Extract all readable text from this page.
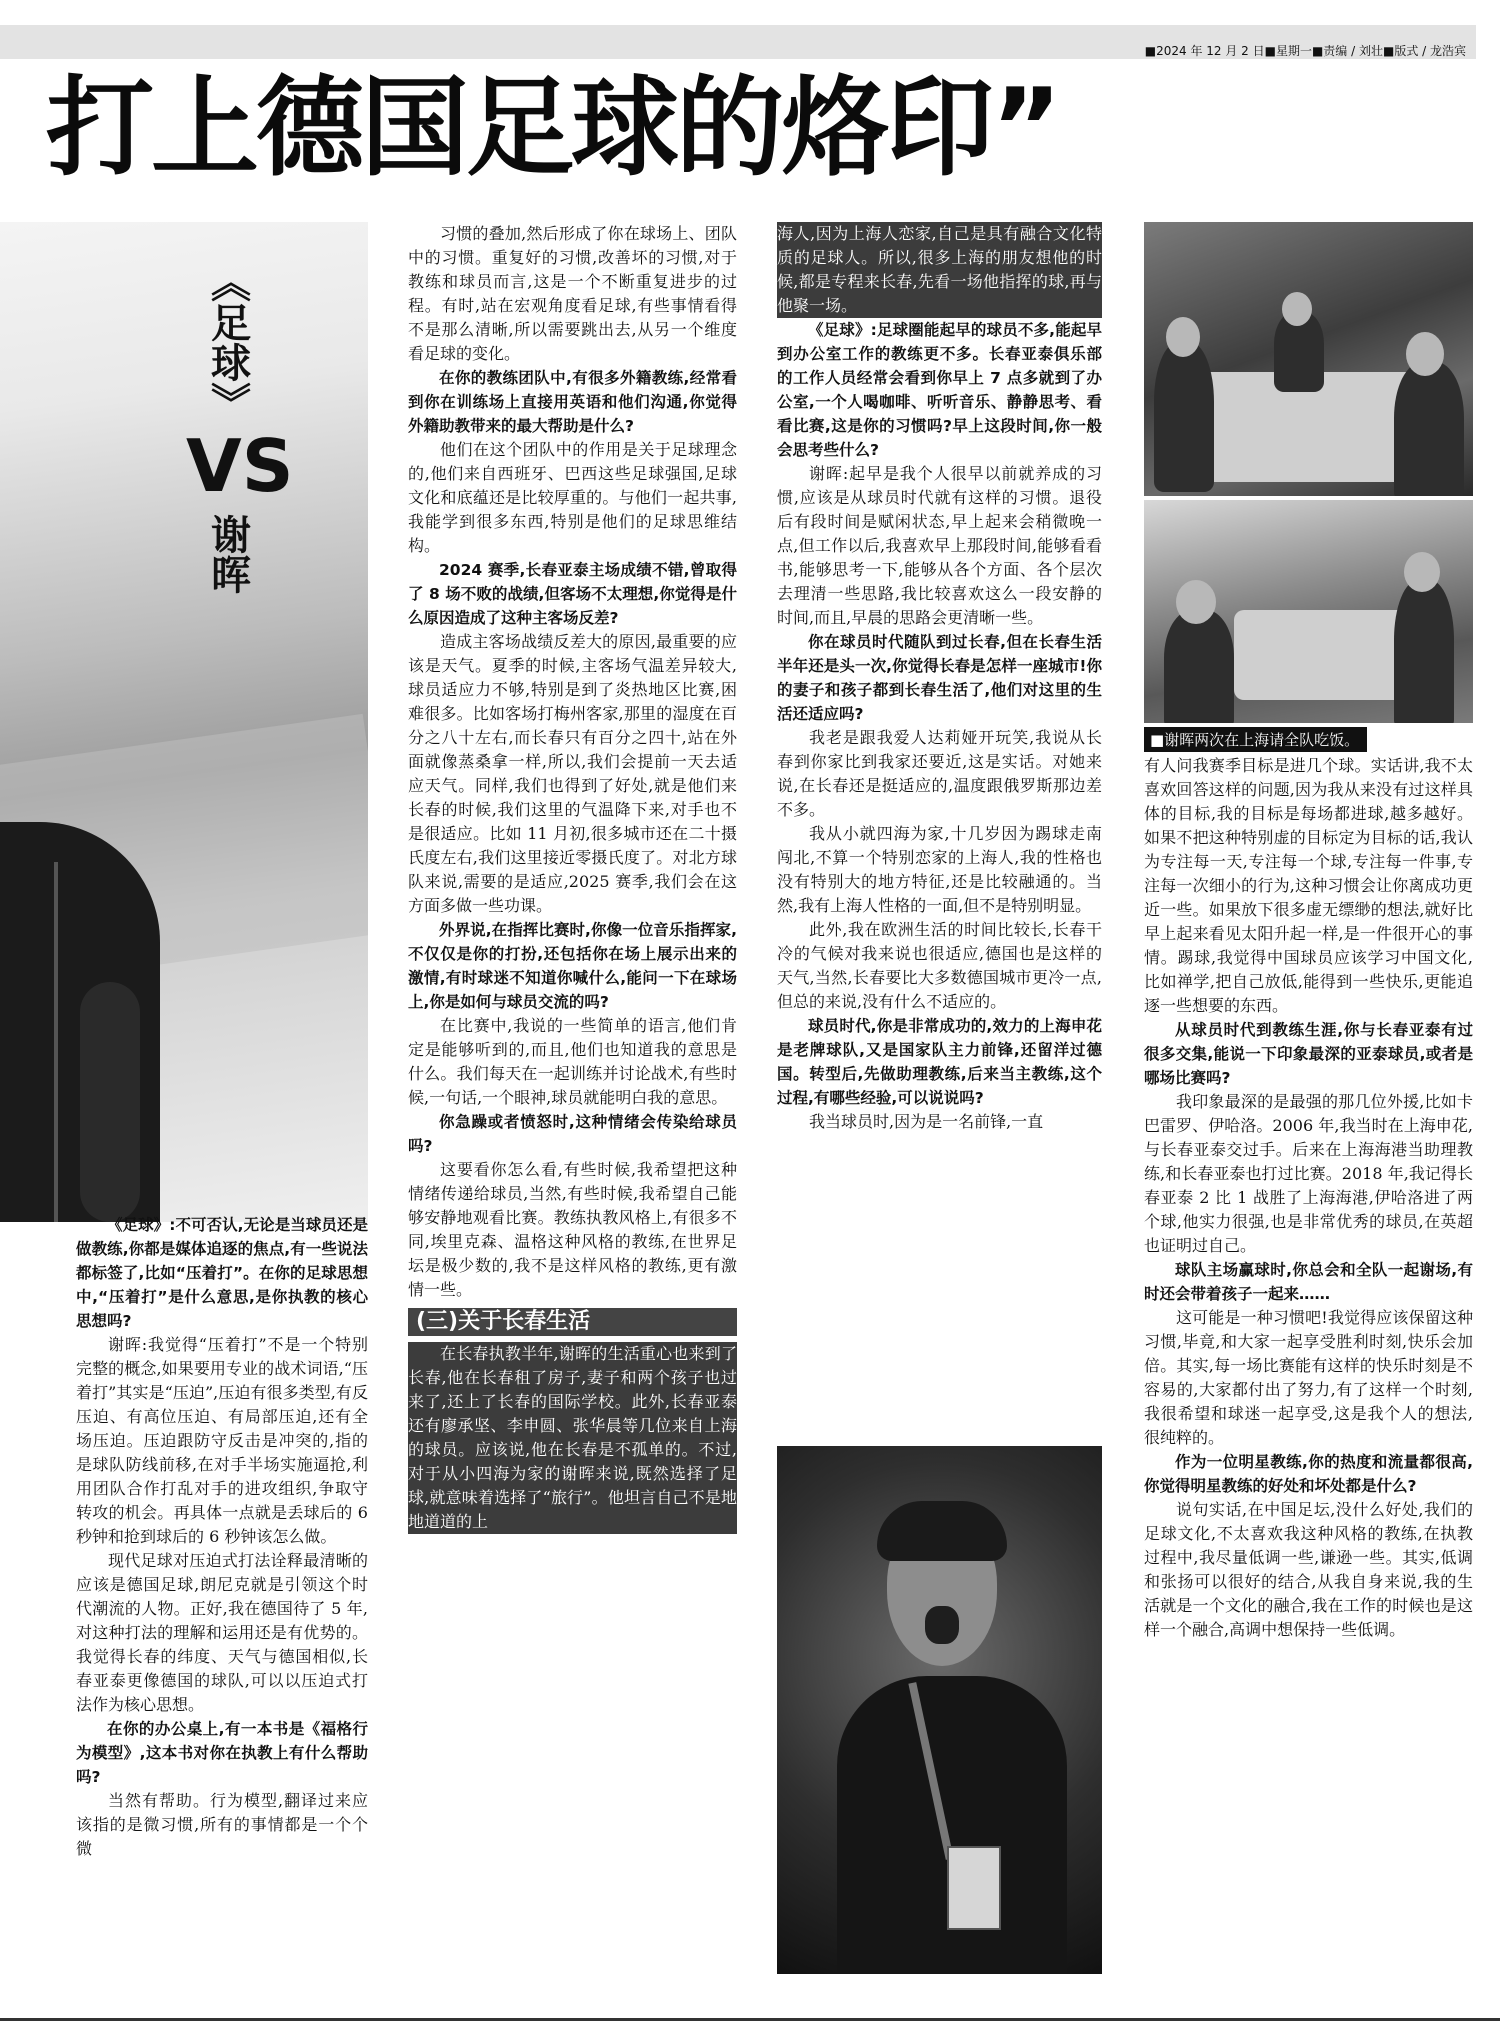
■2024 年 12 月 2 日■星期一■责编 / 刘壮■版式 / 龙浩宾
打上德国足球的烙印”
《足球》
VS
谢晖

《足球》:不可否认,无论是当球员还是做教练,你都是媒体追逐的焦点,有一些说法都标签了,比如“压着打”。在你的足球思想中,“压着打”是什么意思,是你执教的核心思想吗?

谢晖:我觉得“压着打”不是一个特别完整的概念,如果要用专业的战术词语,“压着打”其实是“压迫”,压迫有很多类型,有反压迫、有高位压迫、有局部压迫,还有全场压迫。压迫跟防守反击是冲突的,指的是球队防线前移,在对手半场实施逼抢,利用团队合作打乱对手的进攻组织,争取守转攻的机会。再具体一点就是丢球后的 6 秒钟和抢到球后的 6 秒钟该怎么做。

现代足球对压迫式打法诠释最清晰的应该是德国足球,朗尼克就是引领这个时代潮流的人物。正好,我在德国待了 5 年,对这种打法的理解和运用还是有优势的。我觉得长春的纬度、天气与德国相似,长春亚泰更像德国的球队,可以以压迫式打法作为核心思想。

在你的办公桌上,有一本书是《福格行为模型》,这本书对你在执教上有什么帮助吗?

当然有帮助。行为模型,翻译过来应该指的是微习惯,所有的事情都是一个个微

习惯的叠加,然后形成了你在球场上、团队中的习惯。重复好的习惯,改善坏的习惯,对于教练和球员而言,这是一个不断重复进步的过程。有时,站在宏观角度看足球,有些事情看得不是那么清晰,所以需要跳出去,从另一个维度看足球的变化。

在你的教练团队中,有很多外籍教练,经常看到你在训练场上直接用英语和他们沟通,你觉得外籍助教带来的最大帮助是什么?

他们在这个团队中的作用是关于足球理念的,他们来自西班牙、巴西这些足球强国,足球文化和底蕴还是比较厚重的。与他们一起共事,我能学到很多东西,特别是他们的足球思维结构。

2024 赛季,长春亚泰主场成绩不错,曾取得了 8 场不败的战绩,但客场不太理想,你觉得是什么原因造成了这种主客场反差?

造成主客场战绩反差大的原因,最重要的应该是天气。夏季的时候,主客场气温差异较大,球员适应力不够,特别是到了炎热地区比赛,困难很多。比如客场打梅州客家,那里的湿度在百分之八十左右,而长春只有百分之四十,站在外面就像蒸桑拿一样,所以,我们会提前一天去适应天气。同样,我们也得到了好处,就是他们来长春的时候,我们这里的气温降下来,对手也不是很适应。比如 11 月初,很多城市还在二十摄氏度左右,我们这里接近零摄氏度了。对北方球队来说,需要的是适应,2025 赛季,我们会在这方面多做一些功课。

外界说,在指挥比赛时,你像一位音乐指挥家,不仅仅是你的打扮,还包括你在场上展示出来的激情,有时球迷不知道你喊什么,能问一下在球场上,你是如何与球员交流的吗?

在比赛中,我说的一些简单的语言,他们肯定是能够听到的,而且,他们也知道我的意思是什么。我们每天在一起训练并讨论战术,有些时候,一句话,一个眼神,球员就能明白我的意思。

你急躁或者愤怒时,这种情绪会传染给球员吗?

这要看你怎么看,有些时候,我希望把这种情绪传递给球员,当然,有些时候,我希望自己能够安静地观看比赛。教练执教风格上,有很多不同,埃里克森、温格这种风格的教练,在世界足坛是极少数的,我不是这样风格的教练,更有激情一些。

(三)关于长春生活

在长春执教半年,谢晖的生活重心也来到了长春,他在长春租了房子,妻子和两个孩子也过来了,还上了长春的国际学校。此外,长春亚泰还有廖承坚、李申圆、张华晨等几位来自上海的球员。应该说,他在长春是不孤单的。不过,对于从小四海为家的谢晖来说,既然选择了足球,就意味着选择了“旅行”。他坦言自己不是地地道道的上

海人,因为上海人恋家,自己是具有融合文化特质的足球人。所以,很多上海的朋友想他的时候,都是专程来长春,先看一场他指挥的球,再与他聚一场。

《足球》:足球圈能起早的球员不多,能起早到办公室工作的教练更不多。长春亚泰俱乐部的工作人员经常会看到你早上 7 点多就到了办公室,一个人喝咖啡、听听音乐、静静思考、看看比赛,这是你的习惯吗?早上这段时间,你一般会思考些什么?

谢晖:起早是我个人很早以前就养成的习惯,应该是从球员时代就有这样的习惯。退役后有段时间是赋闲状态,早上起来会稍微晚一点,但工作以后,我喜欢早上那段时间,能够看看书,能够思考一下,能够从各个方面、各个层次去理清一些思路,我比较喜欢这么一段安静的时间,而且,早晨的思路会更清晰一些。

你在球员时代随队到过长春,但在长春生活半年还是头一次,你觉得长春是怎样一座城市!你的妻子和孩子都到长春生活了,他们对这里的生活还适应吗?

我老是跟我爱人达莉娅开玩笑,我说从长春到你家比到我家还要近,这是实话。对她来说,在长春还是挺适应的,温度跟俄罗斯那边差不多。

我从小就四海为家,十几岁因为踢球走南闯北,不算一个特别恋家的上海人,我的性格也没有特别大的地方特征,还是比较融通的。当然,我有上海人性格的一面,但不是特别明显。

此外,我在欧洲生活的时间比较长,长春干冷的气候对我来说也很适应,德国也是这样的天气,当然,长春要比大多数德国城市更冷一点,但总的来说,没有什么不适应的。

球员时代,你是非常成功的,效力的上海申花是老牌球队,又是国家队主力前锋,还留洋过德国。转型后,先做助理教练,后来当主教练,这个过程,有哪些经验,可以说说吗?

我当球员时,因为是一名前锋,一直

■谢晖两次在上海请全队吃饭。

有人问我赛季目标是进几个球。实话讲,我不太喜欢回答这样的问题,因为我从来没有过这样具体的目标,我的目标是每场都进球,越多越好。如果不把这种特别虚的目标定为目标的话,我认为专注每一天,专注每一个球,专注每一件事,专注每一次细小的行为,这种习惯会让你离成功更近一些。如果放下很多虚无缥缈的想法,就好比早上起来看见太阳升起一样,是一件很开心的事情。踢球,我觉得中国球员应该学习中国文化,比如禅学,把自己放低,能得到一些快乐,更能追逐一些想要的东西。

从球员时代到教练生涯,你与长春亚泰有过很多交集,能说一下印象最深的亚泰球员,或者是哪场比赛吗?

我印象最深的是最强的那几位外援,比如卡巴雷罗、伊哈洛。2006 年,我当时在上海申花,与长春亚泰交过手。后来在上海海港当助理教练,和长春亚泰也打过比赛。2018 年,我记得长春亚泰 2 比 1 战胜了上海海港,伊哈洛进了两个球,他实力很强,也是非常优秀的球员,在英超也证明过自己。

球队主场赢球时,你总会和全队一起谢场,有时还会带着孩子一起来……

这可能是一种习惯吧!我觉得应该保留这种习惯,毕竟,和大家一起享受胜利时刻,快乐会加倍。其实,每一场比赛能有这样的快乐时刻是不容易的,大家都付出了努力,有了这样一个时刻,我很希望和球迷一起享受,这是我个人的想法,很纯粹的。

作为一位明星教练,你的热度和流量都很高,你觉得明星教练的好处和坏处都是什么?

说句实话,在中国足坛,没什么好处,我们的足球文化,不太喜欢我这种风格的教练,在执教过程中,我尽量低调一些,谦逊一些。其实,低调和张扬可以很好的结合,从我自身来说,我的生活就是一个文化的融合,我在工作的时候也是这样一个融合,高调中想保持一些低调。
